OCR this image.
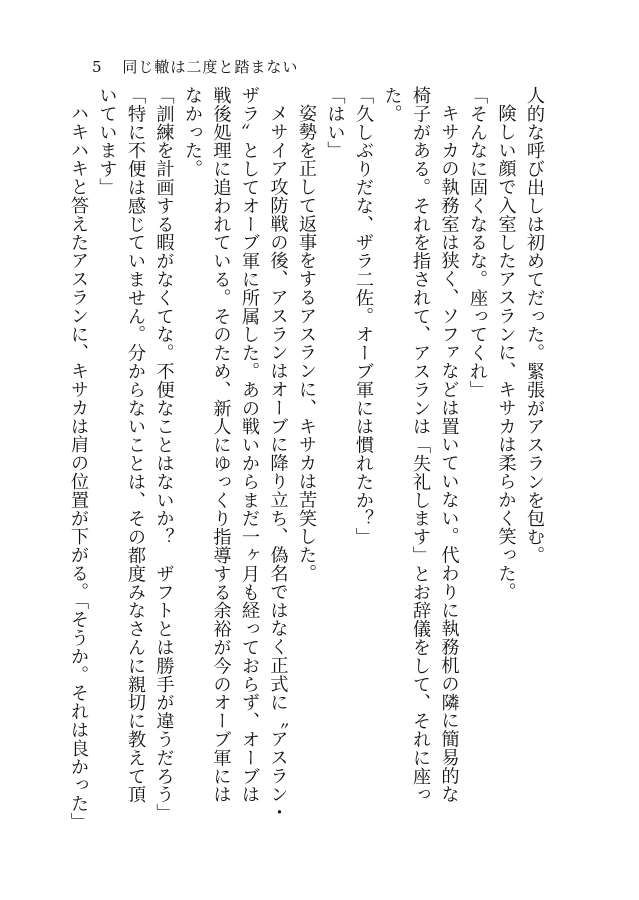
5 同じ轍は二度と踏まない

人的な呼び出しは初めてだった。緊張がアスランを包む。

険しい顔で入室したアスランに、キサカは柔らかく笑った。

「そんなに固くなるな。座ってくれ」

キサカの執務室は狭く、ソファなどは置いていない。代わりに執務机の隣に簡易的な

椅子がある。それを指されて、アスランは「失礼します」とお辞儀をして、それに座っ

た。

「久しぶりだな、ザラ二佐。オーブ軍には慣れたか？」

「はい」

姿勢を正して返事をするアスランに、キサカは苦笑した。

メサイア攻防戦の後、アスランはオーブに降り立ち、偽名ではなく正式に〝アスラン・

ザラ〟としてオーブ軍に所属した。あの戦いからまだ一ヶ月も経っておらず、オーブは

戦後処理に追われている。そのため、新人にゆっくり指導する余裕が今のオーブ軍には

なかった。

「訓練を計画する暇がなくてな。不便なことはないか？　ザフトとは勝手が違うだろう」

「特に不便は感じていません。分からないことは、その都度みなさんに親切に教えて頂

いています」

ハキハキと答えたアスランに、キサカは肩の位置が下がる。「そうか。それは良かった」
